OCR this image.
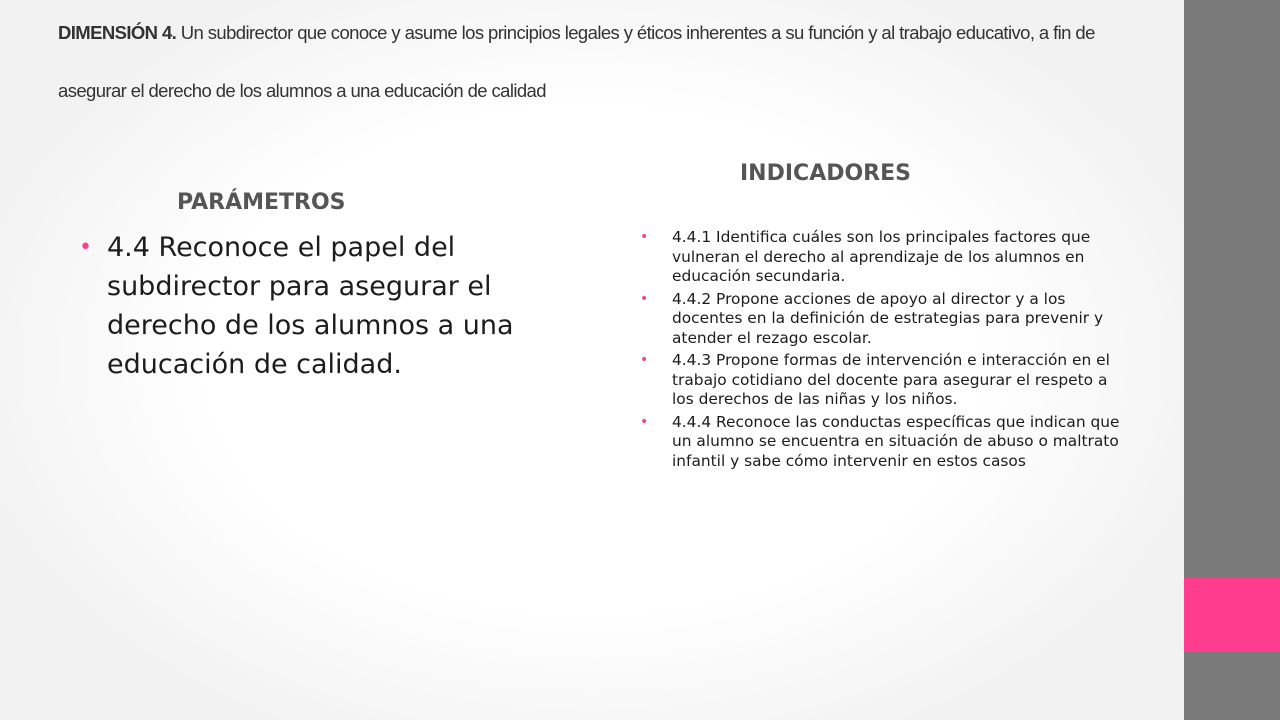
DIMENSIÓN 4. Un subdirector que conoce y asume los principios legales y éticos inherentes a su función y al trabajo educativo, a fin de asegurar el derecho de los alumnos a una educación de calidad
PARÁMETROS
INDICADORES
• 4.4 Reconoce el papel del subdirector para asegurar el derecho de los alumnos a una educación de calidad.
• 4.4.1 Identifica cuáles son los principales factores que vulneran el derecho al aprendizaje de los alumnos en educación secundaria.
• 4.4.2 Propone acciones de apoyo al director y a los docentes en la definición de estrategias para prevenir y atender el rezago escolar.
• 4.4.3 Propone formas de intervención e interacción en el trabajo cotidiano del docente para asegurar el respeto a los derechos de las niñas y los niños.
• 4.4.4 Reconoce las conductas específicas que indican que un alumno se encuentra en situación de abuso o maltrato infantil y sabe cómo intervenir en estos casos
